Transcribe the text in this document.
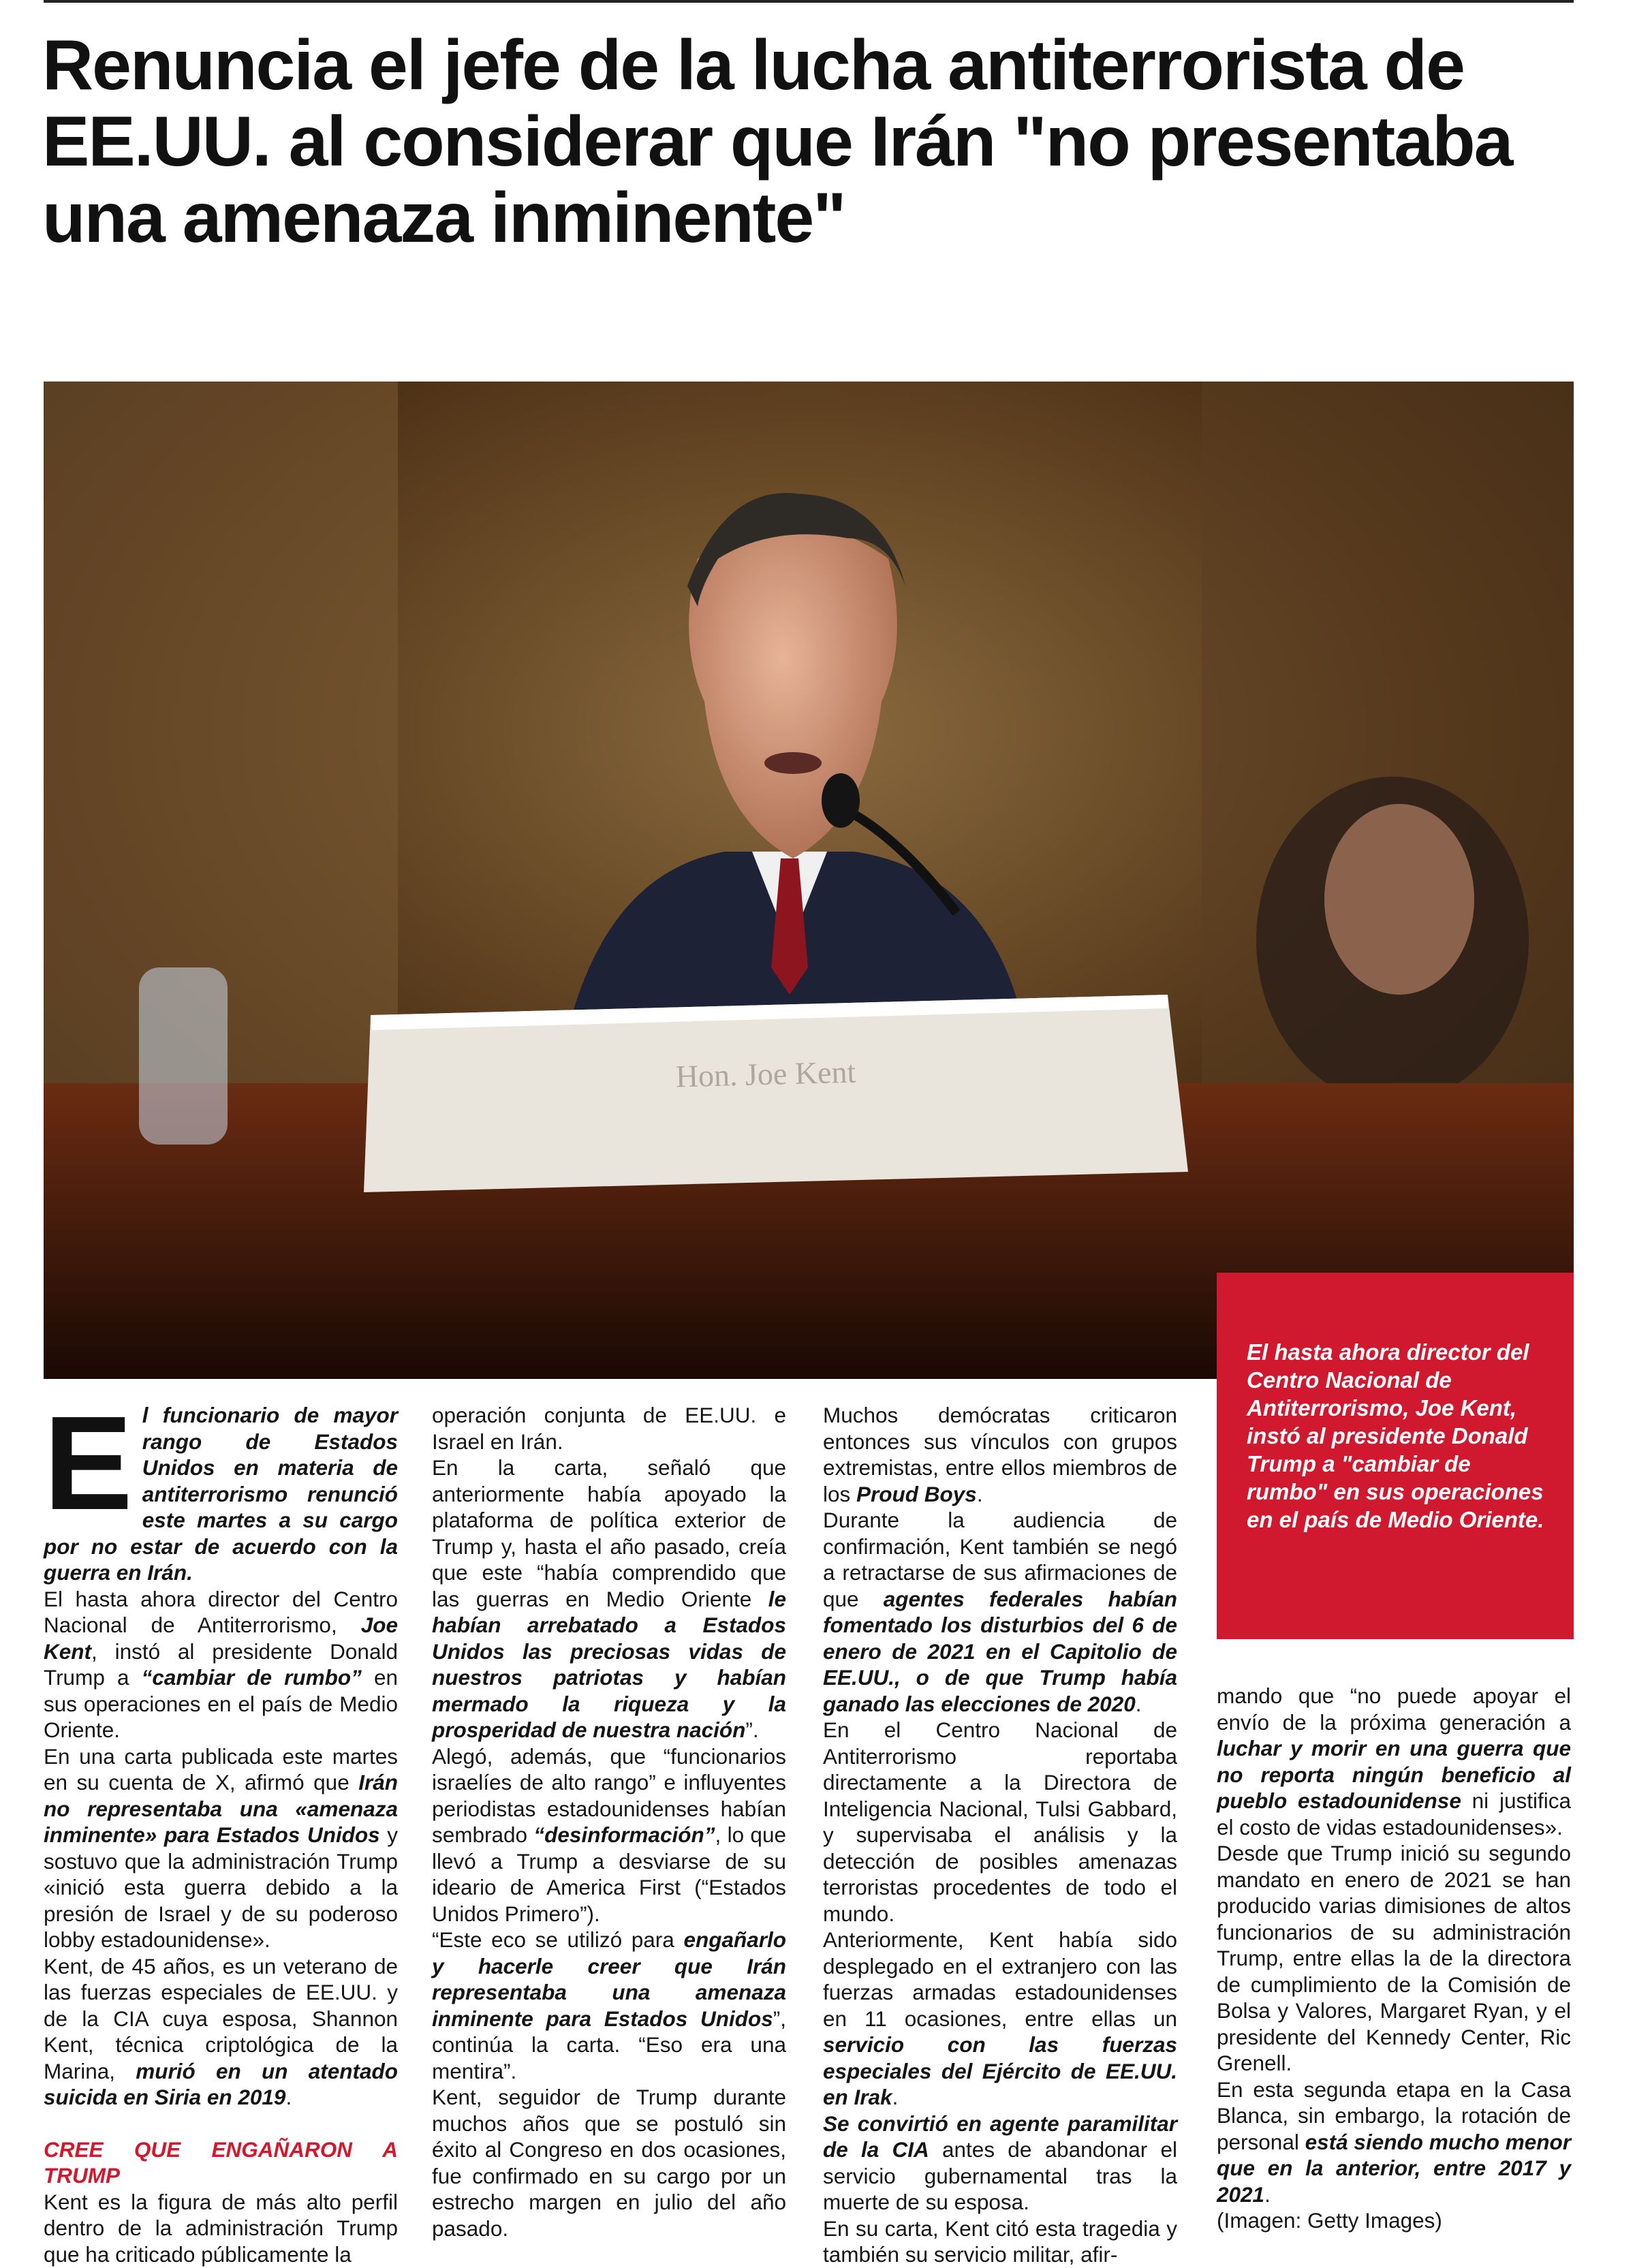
Renuncia el jefe de la lucha antiterrorista de EE.UU. al considerar que Irán "no presentaba una amenaza inminente"
Hon. Joe Kent
El hasta ahora director del Centro Nacional de Antiterrorismo, Joe Kent, instó al presidente Donald Trump a "cambiar de rumbo" en sus operaciones en el país de Medio Oriente.
E l funcionario de mayor rango de Estados Unidos en materia de antiterrorismo renunció este martes a su cargo por no estar de acuerdo con la guerra en Irán.

El hasta ahora director del Centro Nacional de Antiterrorismo, Joe Kent, instó al presidente Donald Trump a “cambiar de rumbo” en sus operaciones en el país de Medio Oriente.

En una carta publicada este martes en su cuenta de X, afirmó que Irán no representaba una «amenaza inminente» para Estados Unidos y sostuvo que la administración Trump «inició esta guerra debido a la presión de Israel y de su poderoso lobby estadounidense».

Kent, de 45 años, es un veterano de las fuerzas especiales de EE.UU. y de la CIA cuya esposa, Shannon Kent, técnica criptológica de la Marina, murió en un atentado suicida en Siria en 2019.

CREE QUE ENGAÑARON A TRUMP

Kent es la figura de más alto perfil dentro de la administración Trump que ha criticado públicamente la

operación conjunta de EE.UU. e Israel en Irán.

En la carta, señaló que anteriormente había apoyado la plataforma de política exterior de Trump y, hasta el año pasado, creía que este “había comprendido que las guerras en Medio Oriente le habían arrebatado a Estados Unidos las preciosas vidas de nuestros patriotas y habían mermado la riqueza y la prosperidad de nuestra nación”.

Alegó, además, que “funcionarios israelíes de alto rango” e influyentes periodistas estadounidenses habían sembrado “desinformación”, lo que llevó a Trump a desviarse de su ideario de America First (“Estados Unidos Primero”).

“Este eco se utilizó para engañarlo y hacerle creer que Irán representaba una amenaza inminente para Estados Unidos”, continúa la carta. “Eso era una mentira”.

Kent, seguidor de Trump durante muchos años que se postuló sin éxito al Congreso en dos ocasiones, fue confirmado en su cargo por un estrecho margen en julio del año pasado.

Muchos demócratas criticaron entonces sus vínculos con grupos extremistas, entre ellos miembros de los Proud Boys.

Durante la audiencia de confirmación, Kent también se negó a retractarse de sus afirmaciones de que agentes federales habían fomentado los disturbios del 6 de enero de 2021 en el Capitolio de EE.UU., o de que Trump había ganado las elecciones de 2020.

En el Centro Nacional de Antiterrorismo reportaba directamente a la Directora de Inteligencia Nacional, Tulsi Gabbard, y supervisaba el análisis y la detección de posibles amenazas terroristas procedentes de todo el mundo.

Anteriormente, Kent había sido desplegado en el extranjero con las fuerzas armadas estadounidenses en 11 ocasiones, entre ellas un servicio con las fuerzas especiales del Ejército de EE.UU. en Irak.

Se convirtió en agente paramilitar de la CIA antes de abandonar el servicio gubernamental tras la muerte de su esposa.

En su carta, Kent citó esta tragedia y también su servicio militar, afir-

mando que “no puede apoyar el envío de la próxima generación a luchar y morir en una guerra que no reporta ningún beneficio al pueblo estadounidense ni justifica el costo de vidas estadounidenses».

Desde que Trump inició su segundo mandato en enero de 2021 se han producido varias dimisiones de altos funcionarios de su administración Trump, entre ellas la de la directora de cumplimiento de la Comisión de Bolsa y Valores, Margaret Ryan, y el presidente del Kennedy Center, Ric Grenell.

En esta segunda etapa en la Casa Blanca, sin embargo, la rotación de personal está siendo mucho menor que en la anterior, entre 2017 y 2021.

(Imagen: Getty Images)
